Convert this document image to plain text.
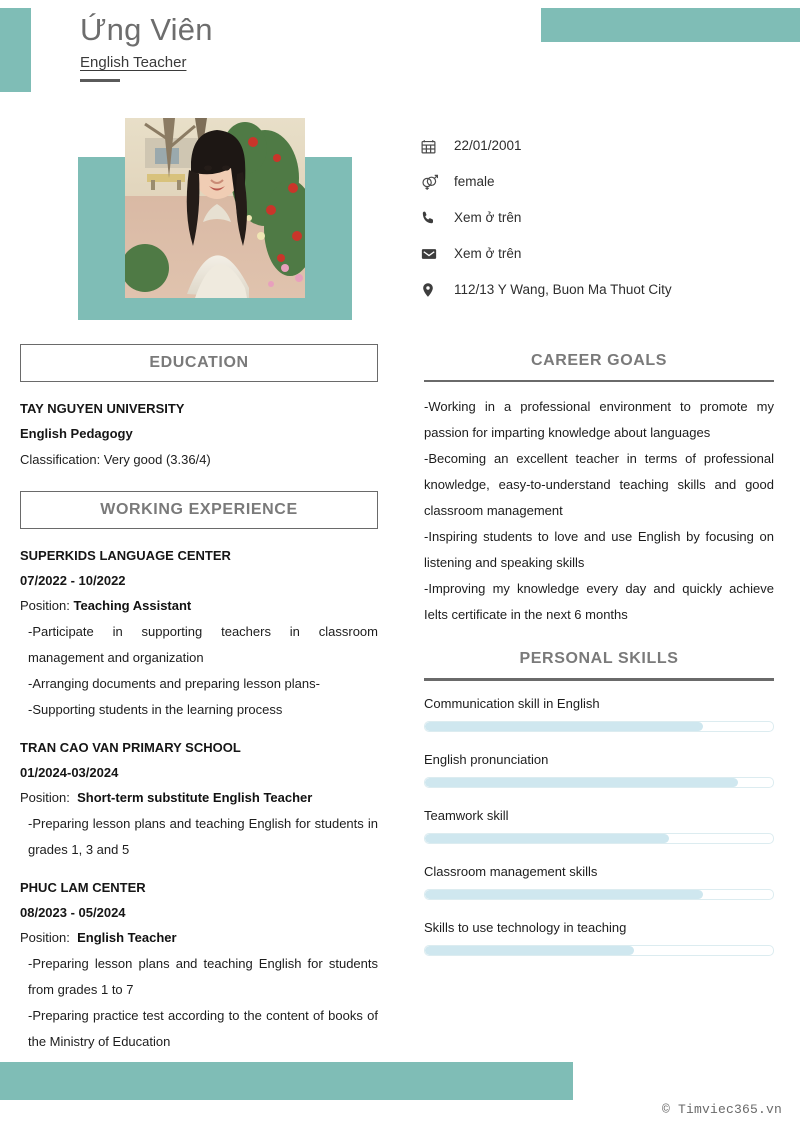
Ứng Viên
English Teacher
22/01/2001
female
Xem ở trên
Xem ở trên
112/13 Y Wang, Buon Ma Thuot City
EDUCATION
TAY NGUYEN UNIVERSITY
English Pedagogy
Classification: Very good (3.36/4)
WORKING EXPERIENCE
SUPERKIDS LANGUAGE CENTER
07/2022 - 10/2022
Position: Teaching Assistant
-Participate in supporting teachers in classroom management and organization
-Arranging documents and preparing lesson plans-
-Supporting students in the learning process
TRAN CAO VAN PRIMARY SCHOOL
01/2024-03/2024
Position: Short-term substitute English Teacher
-Preparing lesson plans and teaching English for students in grades 1, 3 and 5
PHUC LAM CENTER
08/2023 - 05/2024
Position: English Teacher
-Preparing lesson plans and teaching English for students from grades 1 to 7
-Preparing practice test according to the content of books of the Ministry of Education
CAREER GOALS
-Working in a professional environment to promote my passion for imparting knowledge about languages
-Becoming an excellent teacher in terms of professional knowledge, easy-to-understand teaching skills and good classroom management
-Inspiring students to love and use English by focusing on listening and speaking skills
-Improving my knowledge every day and quickly achieve Ielts certificate in the next 6 months
PERSONAL SKILLS
Communication skill in English
English pronunciation
Teamwork skill
Classroom management skills
Skills to use technology in teaching
© Timviec365.vn
